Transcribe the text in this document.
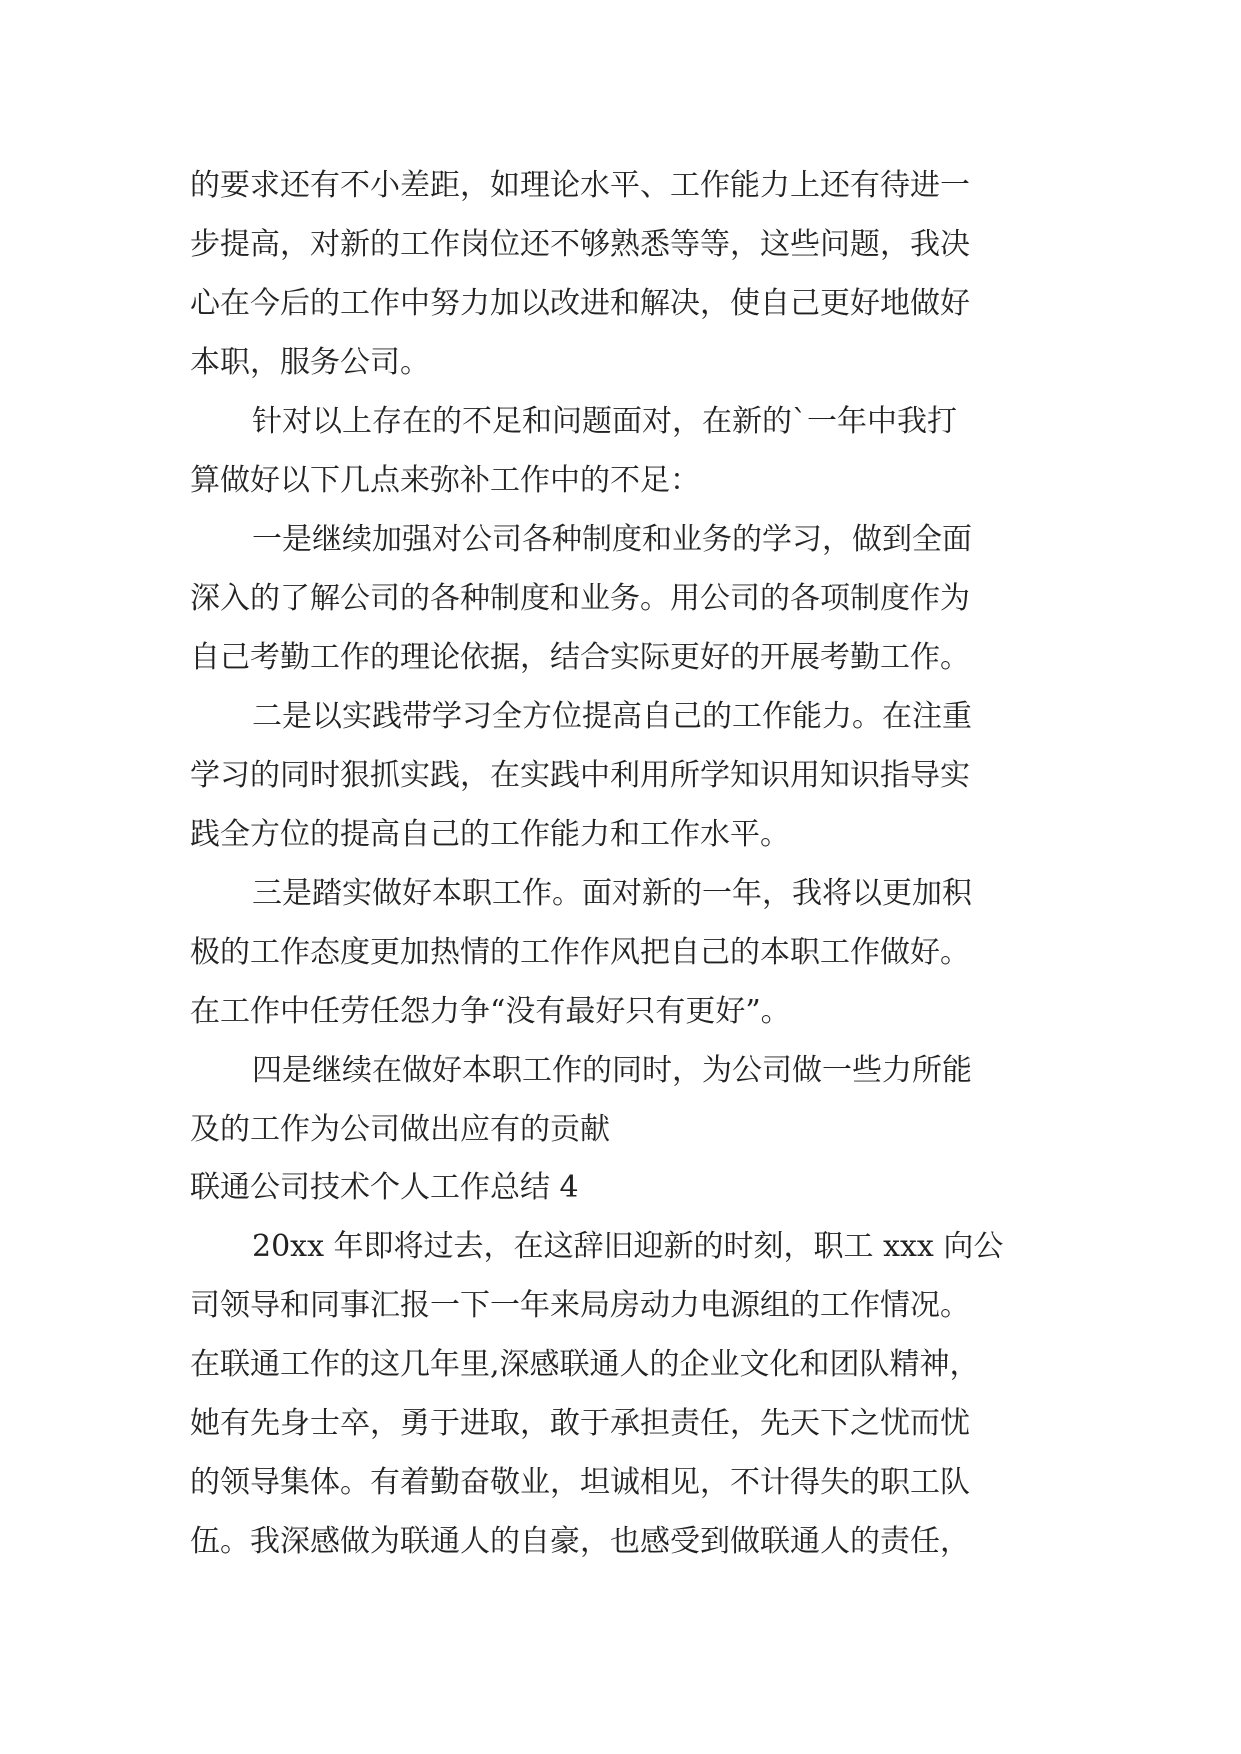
的要求还有不小差距，如理论水平、工作能力上还有待进一
步提高，对新的工作岗位还不够熟悉等等，这些问题，我决
心在今后的工作中努力加以改进和解决，使自己更好地做好
本职，服务公司。
针对以上存在的不足和问题面对，在新的`一年中我打
算做好以下几点来弥补工作中的不足：
一是继续加强对公司各种制度和业务的学习，做到全面
深入的了解公司的各种制度和业务。用公司的各项制度作为
自己考勤工作的理论依据，结合实际更好的开展考勤工作。
二是以实践带学习全方位提高自己的工作能力。在注重
学习的同时狠抓实践，在实践中利用所学知识用知识指导实
践全方位的提高自己的工作能力和工作水平。
三是踏实做好本职工作。面对新的一年，我将以更加积
极的工作态度更加热情的工作作风把自己的本职工作做好。
在工作中任劳任怨力争“没有最好只有更好”。
四是继续在做好本职工作的同时，为公司做一些力所能
及的工作为公司做出应有的贡献
联通公司技术个人工作总结 4
20xx 年即将过去，在这辞旧迎新的时刻，职工 xxx 向公
司领导和同事汇报一下一年来局房动力电源组的工作情况。
在联通工作的这几年里,深感联通人的企业文化和团队精神，
她有先身士卒，勇于进取，敢于承担责任，先天下之忧而忧
的领导集体。有着勤奋敬业，坦诚相见，不计得失的职工队
伍。我深感做为联通人的自豪，也感受到做联通人的责任，
